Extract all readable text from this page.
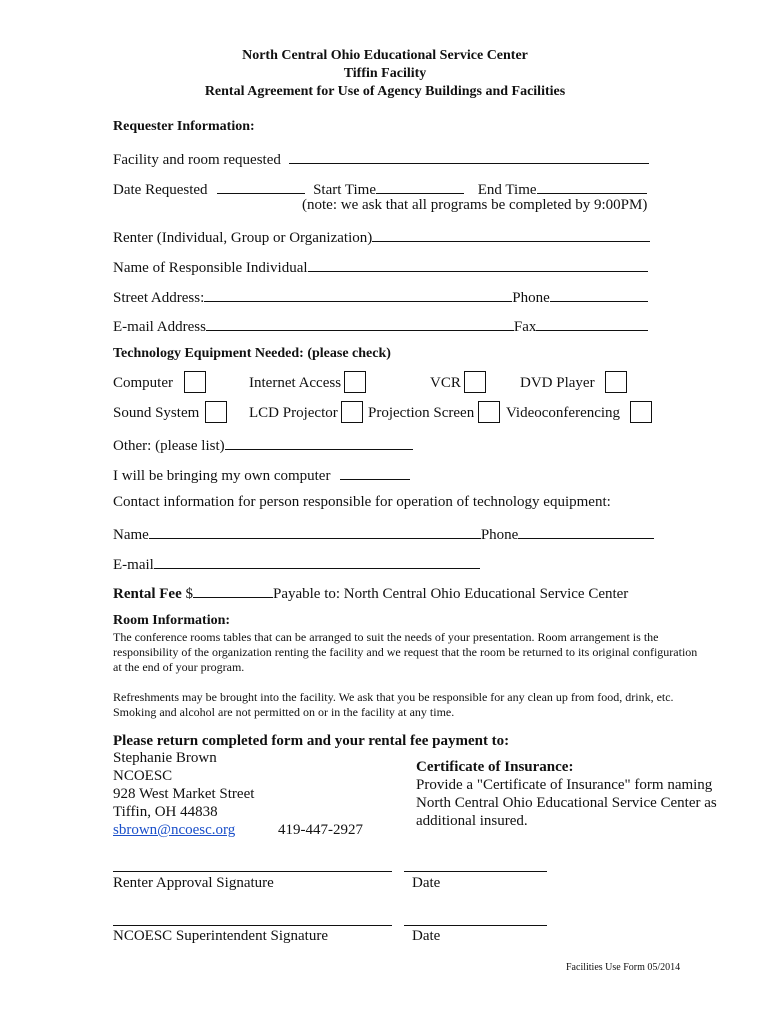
North Central Ohio Educational Service Center
Tiffin Facility
Rental Agreement for Use of Agency Buildings and Facilities
Requester Information:
Facility and room requested
Date Requested	Start Time	End Time
(note: we ask that all programs be completed by 9:00PM)
Renter (Individual, Group or Organization)
Name of Responsible Individual
Street Address:	Phone
E-mail Address	Fax
Technology Equipment Needed: (please check)
Computer	Internet Access	VCR	DVD Player
Sound System	LCD Projector Projection Screen Videoconferencing
Other: (please list)
I will be bringing my own computer
Contact information for person responsible for operation of technology equipment:
Name	Phone
E-mail
Rental Fee $	Payable to: North Central Ohio Educational Service Center
Room Information:
The conference rooms tables that can be arranged to suit the needs of your presentation. Room arrangement is the responsibility of the organization renting the facility and we request that the room be returned to its original configuration at the end of your program.
Refreshments may be brought into the facility. We ask that you be responsible for any clean up from food, drink, etc. Smoking and alcohol are not permitted on or in the facility at any time.
Please return completed form and your rental fee payment to:
Stephanie Brown
NCOESC
928 West Market Street
Tiffin, OH 44838
sbrown@ncoesc.org	419-447-2927
Certificate of Insurance:
Provide a "Certificate of Insurance" form naming
North Central Ohio Educational Service Center as
additional insured.
Renter Approval Signature	Date
NCOESC Superintendent Signature	Date
Facilities Use Form 05/2014
